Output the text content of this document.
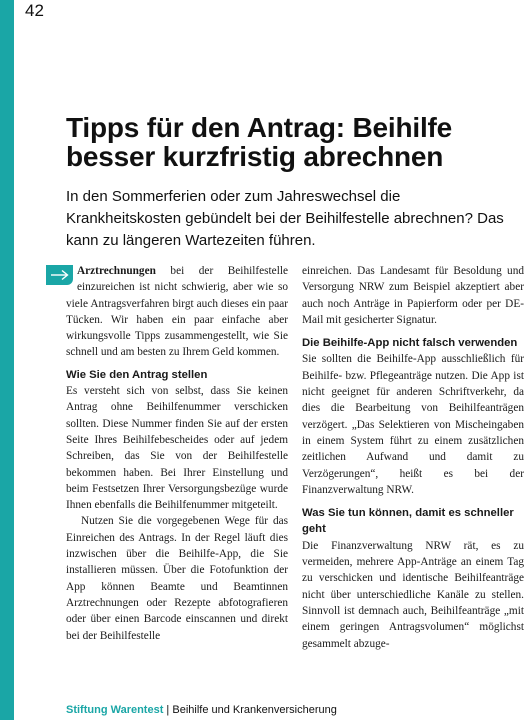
42
Tipps für den Antrag: Beihilfe besser kurzfristig abrechnen

In den Sommerferien oder zum Jahreswechsel die Krankheitskosten gebündelt bei der Beihilfestelle abrechnen? Das kann zu längeren Wartezeiten führen.

Arztrechnungen bei der Beihilfestelle einzureichen ist nicht schwierig, aber wie so viele Antragsverfahren birgt auch dieses ein paar Tücken. Wir haben ein paar einfache aber wirkungsvolle Tipps zusammengestellt, wie Sie schnell und am besten zu Ihrem Geld kommen.

Wie Sie den Antrag stellen

Es versteht sich von selbst, dass Sie keinen Antrag ohne Beihilfenummer verschicken sollten. Diese Nummer finden Sie auf der ersten Seite Ihres Beihilfebescheides oder auf jedem Schreiben, das Sie von der Beihilfestelle bekommen haben. Bei Ihrer Einstellung und beim Festsetzen Ihrer Versorgungsbezüge wurde Ihnen ebenfalls die Beihilfenummer mitgeteilt.

Nutzen Sie die vorgegebenen Wege für das Einreichen des Antrags. In der Regel läuft dies inzwischen über die Beihilfe-App, die Sie installieren müssen. Über die Fotofunktion der App können Beamte und Beamtinnen Arztrechnungen oder Rezepte abfotografieren oder über einen Barcode einscannen und direkt bei der Beihilfestelle

einreichen. Das Landesamt für Besoldung und Versorgung NRW zum Beispiel akzeptiert aber auch noch Anträge in Papierform oder per DE-Mail mit gesicherter Signatur.

Die Beihilfe-App nicht falsch verwenden

Sie sollten die Beihilfe-App ausschließlich für Beihilfe- bzw. Pflegeanträge nutzen. Die App ist nicht geeignet für anderen Schriftverkehr, da dies die Bearbeitung von Beihilfeanträgen verzögert. „Das Selektieren von Mischeingaben in einem System führt zu einem zusätzlichen zeitlichen Aufwand und damit zu Verzögerungen“, heißt es bei der Finanzverwaltung NRW.

Was Sie tun können, damit es schneller geht

Die Finanzverwaltung NRW rät, es zu vermeiden, mehrere App-Anträge an einem Tag zu verschicken und identische Beihilfeanträge nicht über unterschiedliche Kanäle zu stellen. Sinnvoll ist demnach auch, Beihilfeanträge „mit einem geringen Antragsvolumen“ möglichst gesammelt abzuge-

Stiftung Warentest | Beihilfe und Krankenversicherung
